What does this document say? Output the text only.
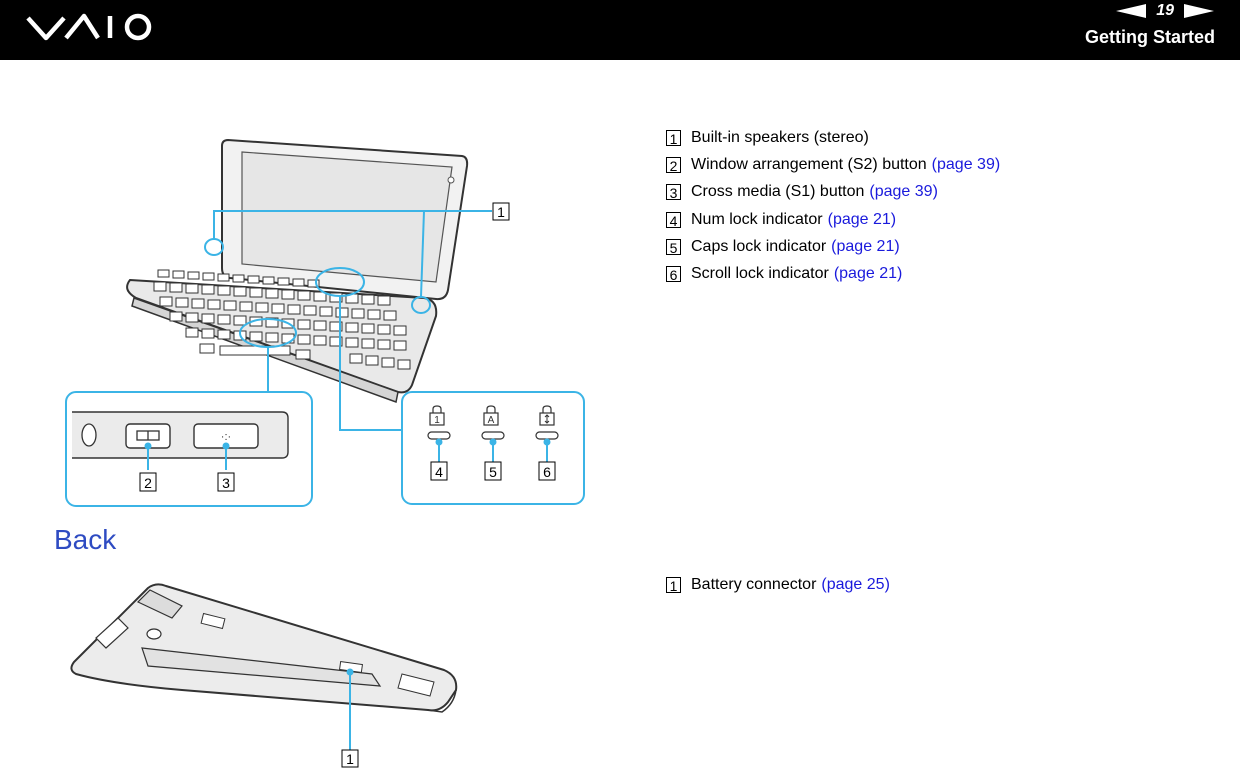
19
Getting Started
1
·:·
2	3
1	A
4	5	6
1 Built-in speakers (stereo)
2 Window arrangement (S2) button (page 39)
3 Cross media (S1) button (page 39)
4 Num lock indicator (page 21)
5 Caps lock indicator (page 21)
6 Scroll lock indicator (page 21)
Back
1
1 Battery connector (page 25)
